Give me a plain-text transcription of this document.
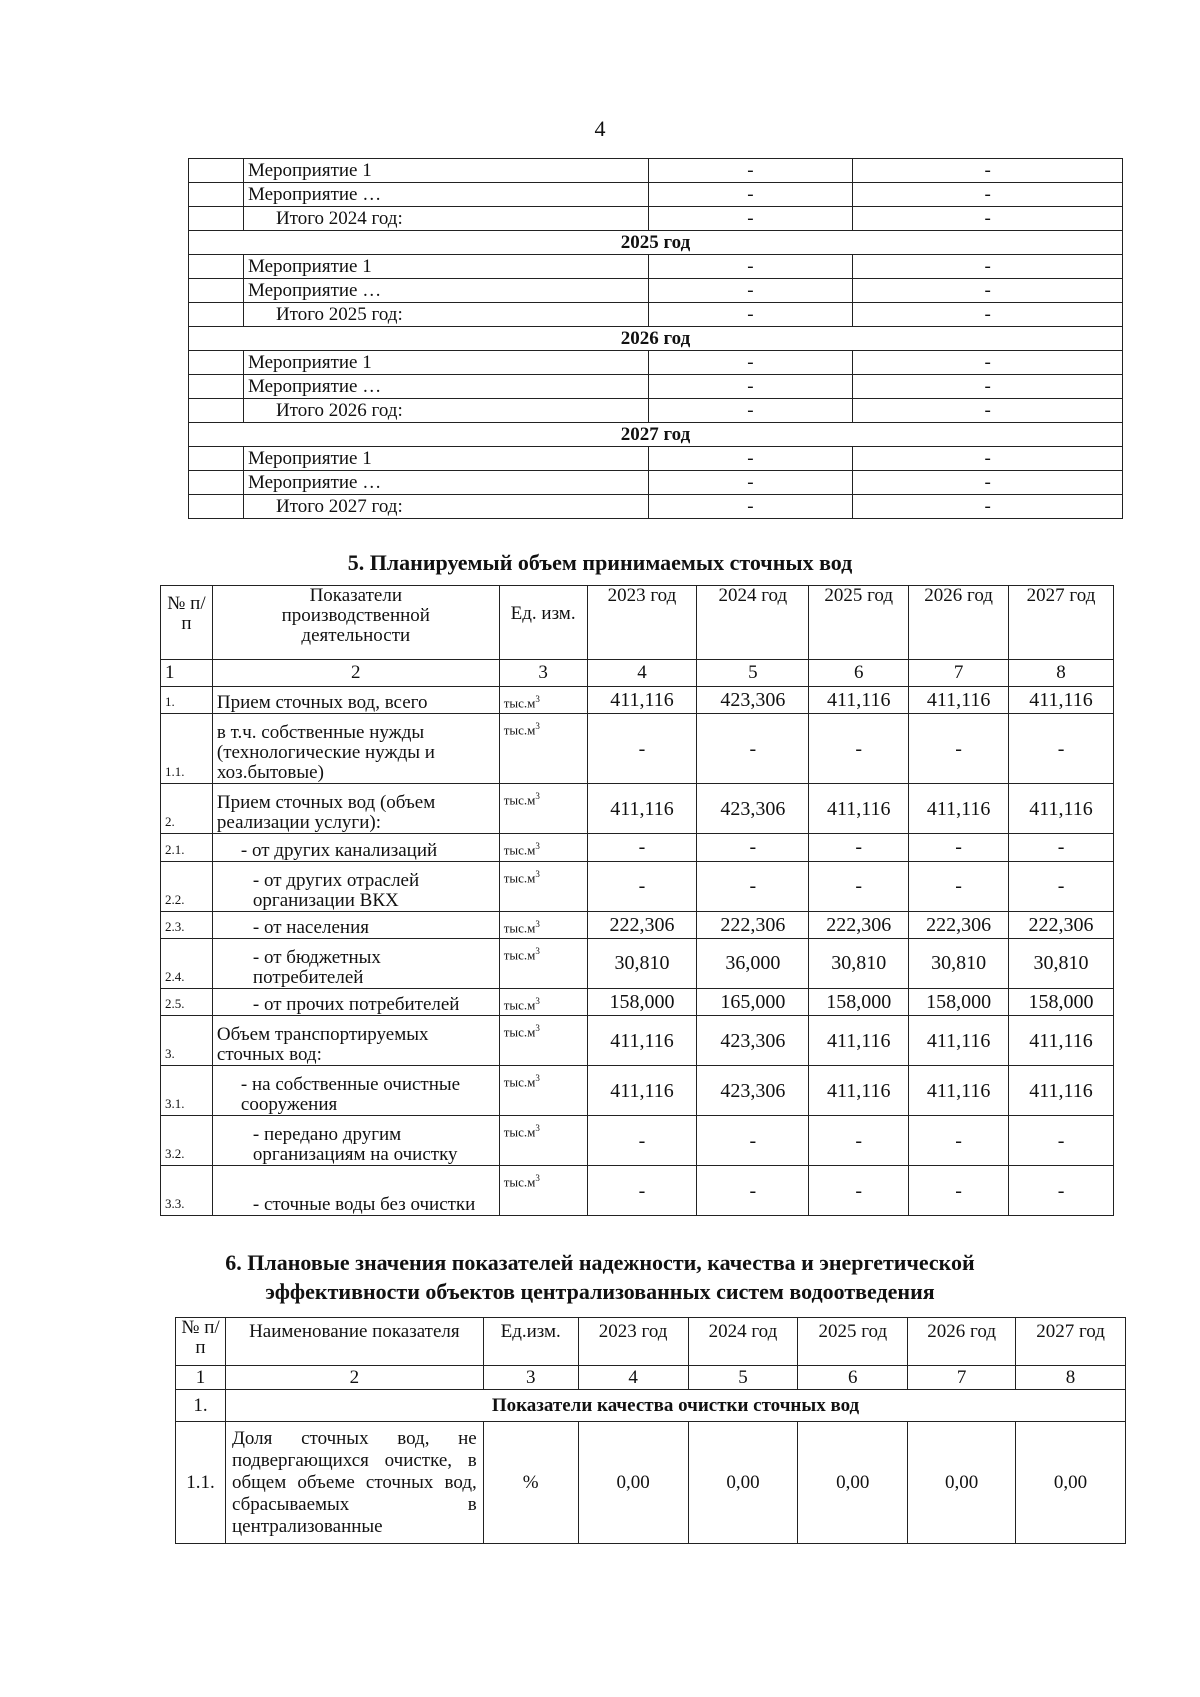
4
	Мероприятие 1	-	-
	Мероприятие …	-	-
	Итого 2024 год:	-	-
2025 год			
	Мероприятие 1	-	-
	Мероприятие …	-	-
	Итого 2025 год:	-	-
2026 год			
	Мероприятие 1	-	-
	Мероприятие …	-	-
	Итого 2026 год:	-	-
2027 год			
	Мероприятие 1	-	-
	Мероприятие …	-	-
	Итого 2027 год:	-	-
5. Планируемый объем принимаемых сточных вод
№ п/п	Показатели производственной деятельности	Ед. изм.	2023 год	2024 год	2025 год	2026 год	2027 год
1	2	3	4	5	6	7	8
1.	Прием сточных вод, всего	$тыс.м^3$	411,116	423,306	411,116	411,116	411,116
1.1.	в т.ч. собственные нужды (технологические нужды и хоз.бытовые)	$тыс.м^3$	-	-	-	-	-
2.	Прием сточных вод (объем реализации услуги):	$тыс.м^3$	411,116	423,306	411,116	411,116	411,116
2.1.	- от других канализаций	$тыс.м^3$	-	-	-	-	-
2.2.	- от других отраслей организации ВКХ	$тыс.м^3$	-	-	-	-	-
2.3.	- от населения	$тыс.м^3$	222,306	222,306	222,306	222,306	222,306
2.4.	- от бюджетных потребителей	$тыс.м^3$	30,810	36,000	30,810	30,810	30,810
2.5.	- от прочих потребителей	$тыс.м^3$	158,000	165,000	158,000	158,000	158,000
3.	Объем транспортируемых сточных вод:	$тыс.м^3$	411,116	423,306	411,116	411,116	411,116
3.1.	- на собственные очистные сооружения	$тыс.м^3$	411,116	423,306	411,116	411,116	411,116
3.2.	- передано другим организациям на очистку	$тыс.м^3$	-	-	-	-	-
3.3.	- сточные воды без очистки	$тыс.м^3$	-	-	-	-	-
6. Плановые значения показателей надежности, качества и энергетической
эффективности объектов централизованных систем водоотведения
№ п/п	Наименование показателя	Ед.изм.	2023 год	2024 год	2025 год	2026 год	2027 год
1	2	3	4	5	6	7	8
1.	Показатели качества очистки сточных вод						
1.1.	Доля сточных вод, не подвергающихся очистке, в общем объеме сточных вод, сбрасываемых в централизованные	%	0,00	0,00	0,00	0,00	0,00
